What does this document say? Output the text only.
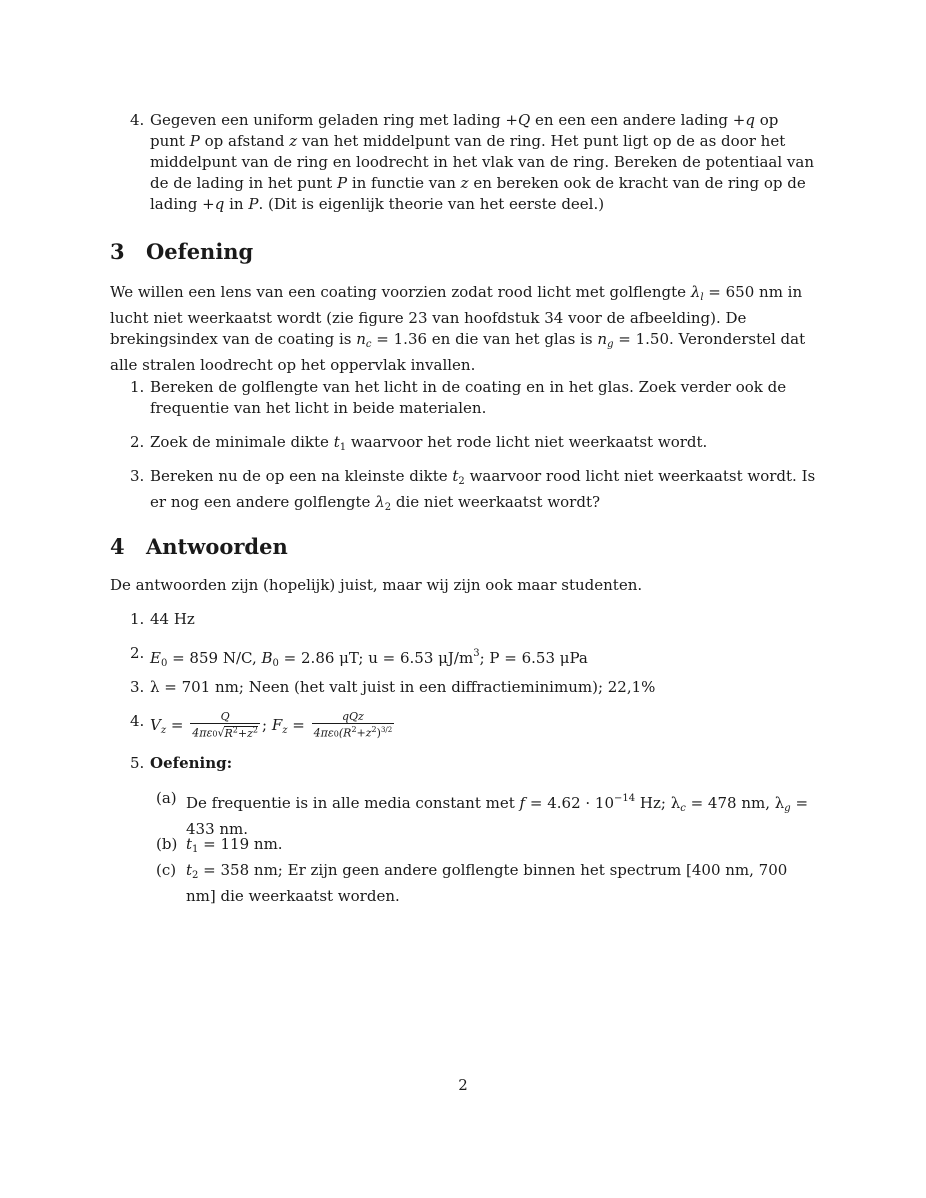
4. Gegeven een uniform geladen ring met lading +Q en een een andere lading +q op punt P op afstand z van het middelpunt van de ring. Het punt ligt op de as door het middelpunt van de ring en loodrecht in het vlak van de ring. Bereken de potentiaal van de de lading in het punt P in functie van z en bereken ook de kracht van de ring op de lading +q in P. (Dit is eigenlijk theorie van het eerste deel.)
3 Oefening
We willen een lens van een coating voorzien zodat rood licht met golflengte $\lambda_l = 650$ nm in lucht niet weerkaatst wordt (zie figure 23 van hoofdstuk 34 voor de afbeelding). De brekingsindex van de coating is $n_c = 1.36$ en die van het glas is $n_g = 1.50$. Veronderstel dat alle stralen loodrecht op het oppervlak invallen.
1. Bereken de golflengte van het licht in de coating en in het glas. Zoek verder ook de frequentie van het licht in beide materialen.
2. Zoek de minimale dikte $t_1$ waarvoor het rode licht niet weerkaatst wordt.
3. Bereken nu de op een na kleinste dikte $t_2$ waarvoor rood licht niet weerkaatst wordt. Is er nog een andere golflengte $\lambda_2$ die niet weerkaatst wordt?
4 Antwoorden
De antwoorden zijn (hopelijk) juist, maar wij zijn ook maar studenten.
1. 44 Hz
2. $E_0 = 859$ N/C, $B_0 = 2.86$ μT; u = 6.53 $\mu J/m^3$; P = 6.53 μPa
3. λ = 701 nm; Neen (het valt juist in een diffractieminimum); 22,1%
4. $V_z = \frac{Q}{4\pi\varepsilon 0√R^2+z^2}$ ; $F_z = \frac{\text{qQz}}{4\pi\varepsilon 0(R^2+z^2)^{3/2}}$
5. Oefening:
(a) De frequentie is in alle media constant met $f = 4.62 \cdot 10^{-14}$ Hz; $\lambda_c = 478$ nm, $\lambda_g = 433$ nm.
(b) $t_1 = 119$ nm.
(c) $t_2 = 358$ nm; Er zijn geen andere golflengte binnen het spectrum [400 nm, 700 nm] die weerkaatst worden.
2
